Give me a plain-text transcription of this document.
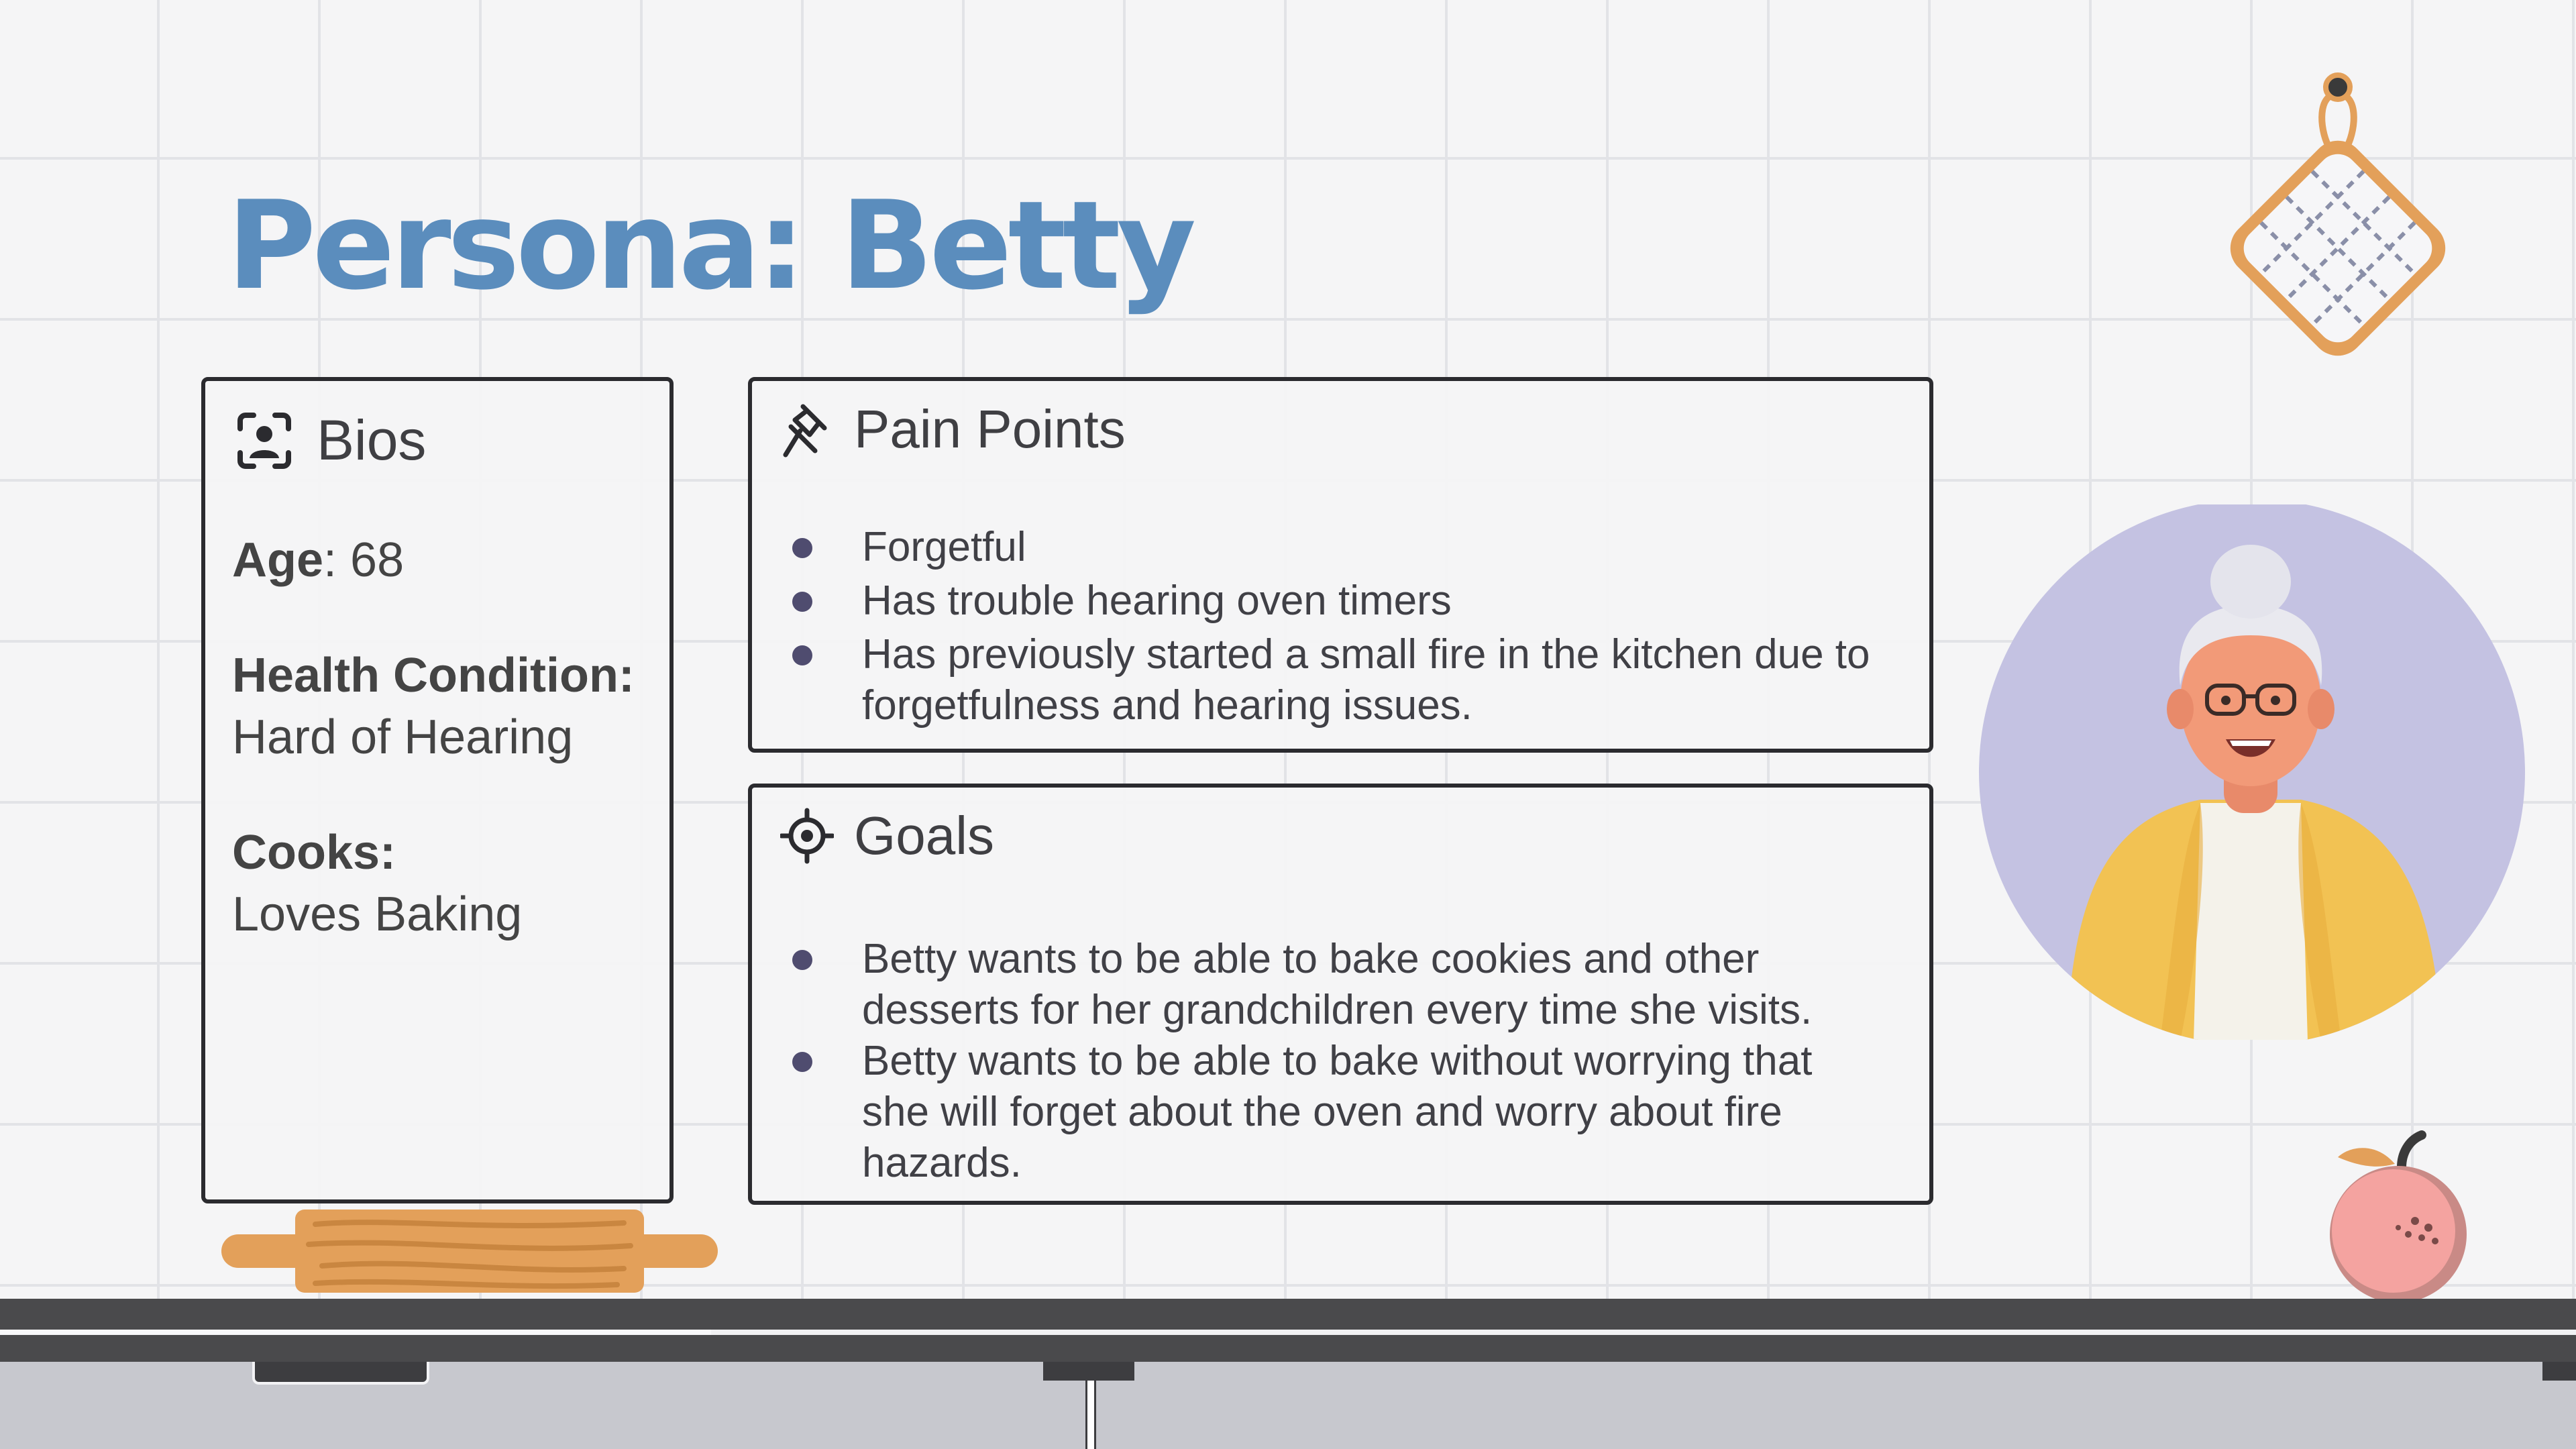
Persona: Betty
Bios
Age: 68
Health Condition:
Hard of Hearing
Cooks:
Loves Baking
Pain Points
Forgetful
Has trouble hearing oven timers
Has previously started a small fire in the kitchen due to forgetfulness and hearing issues.
Goals
Betty wants to be able to bake cookies and other desserts for her grandchildren every time she visits.
Betty wants to be able to bake without worrying that she will forget about the oven and worry about fire hazards.
